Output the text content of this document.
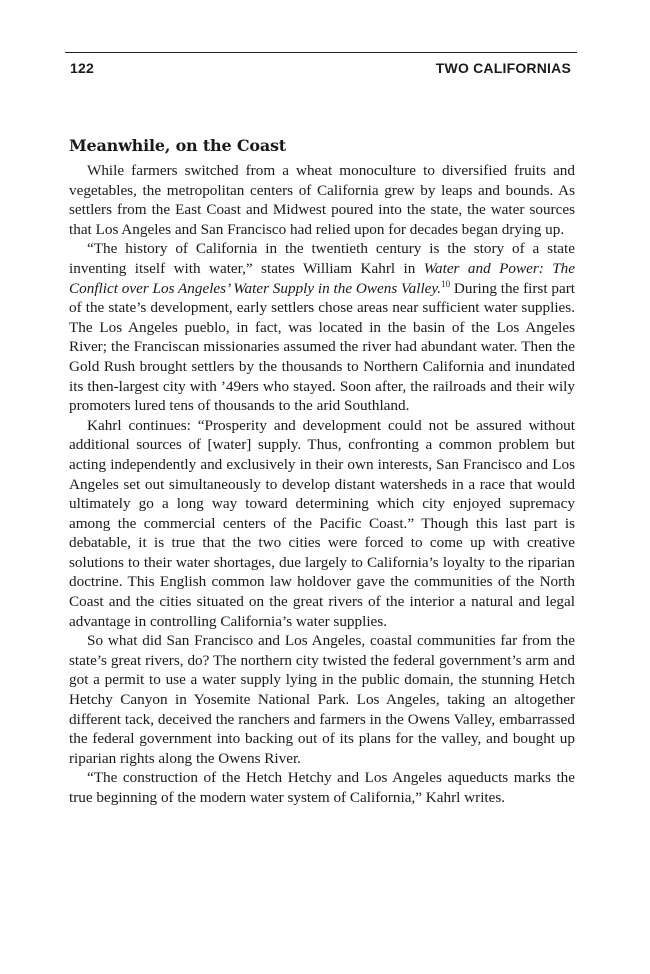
122	TWO CALIFORNIAS
Meanwhile, on the Coast

While farmers switched from a wheat monoculture to diversified fruits and vegetables, the metropolitan centers of California grew by leaps and bounds. As settlers from the East Coast and Midwest poured into the state, the water sources that Los Angeles and San Francisco had relied upon for decades began drying up.

“The history of California in the twentieth century is the story of a state inventing itself with water,” states William Kahrl in Water and Power: The Conflict over Los Angeles’ Water Supply in the Owens Valley.$^{10}$ During the first part of the state’s development, early settlers chose areas near sufficient water supplies. The Los Angeles pueblo, in fact, was located in the basin of the Los Angeles River; the Franciscan missionaries assumed the river had abundant water. Then the Gold Rush brought settlers by the thousands to Northern California and inundated its then-largest city with ’49ers who stayed. Soon after, the railroads and their wily promoters lured tens of thousands to the arid Southland.

Kahrl continues: “Prosperity and development could not be assured without additional sources of [water] supply. Thus, confronting a common problem but acting independently and exclusively in their own interests, San Francisco and Los Angeles set out simultaneously to develop distant watersheds in a race that would ultimately go a long way toward determining which city enjoyed supremacy among the commercial centers of the Pacific Coast.” Though this last part is debatable, it is true that the two cities were forced to come up with creative solutions to their water shortages, due largely to California’s loyalty to the riparian doctrine. This English common law holdover gave the communities of the North Coast and the cities situated on the great rivers of the interior a natural and legal advantage in controlling California’s water supplies.

So what did San Francisco and Los Angeles, coastal communities far from the state’s great rivers, do? The northern city twisted the federal government’s arm and got a permit to use a water supply lying in the public domain, the stunning Hetch Hetchy Canyon in Yosemite National Park. Los Angeles, taking an altogether different tack, deceived the ranchers and farmers in the Owens Valley, embarrassed the federal government into backing out of its plans for the valley, and bought up riparian rights along the Owens River.

“The construction of the Hetch Hetchy and Los Angeles aqueducts marks the true beginning of the modern water system of California,” Kahrl writes.
